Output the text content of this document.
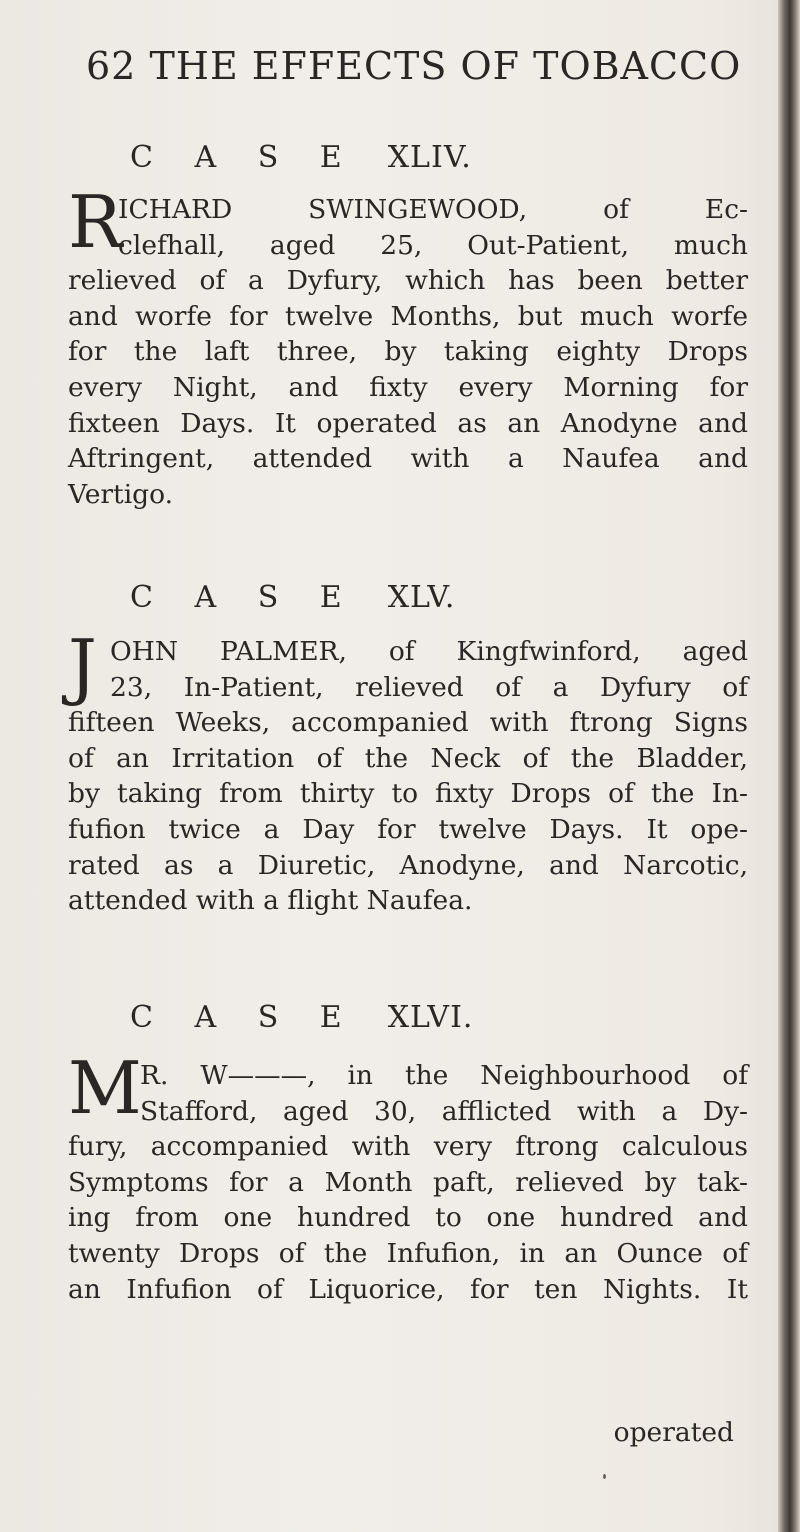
62 THE EFFECTS OF TOBACCO
C A S E XLIV.
R
ICHARD SWINGEWOOD, of Ec-
clefhall, aged 25, Out-Patient, much
relieved of a Dyfury, which has been better
and worfe for twelve Months, but much worfe
for the laft three, by taking eighty Drops
every Night, and fixty every Morning for
fixteen Days. It operated as an Anodyne and
Aftringent, attended with a Naufea and
Vertigo.
C A S E XLV.
J OHN PALMER, of Kingfwinford, aged
23, In-Patient, relieved of a Dyfury of
fifteen Weeks, accompanied with ftrong Signs
of an Irritation of the Neck of the Bladder,
by taking from thirty to fixty Drops of the In-
fufion twice a Day for twelve Days. It ope-
rated as a Diuretic, Anodyne, and Narcotic,
attended with a flight Naufea.
C A S E XLVI.
M
R. W———, in the Neighbourhood of
Stafford, aged 30, afflicted with a Dy-
fury, accompanied with very ftrong calculous
Symptoms for a Month paft, relieved by tak-
ing from one hundred to one hundred and
twenty Drops of the Infufion, in an Ounce of
an Infufion of Liquorice, for ten Nights. It
operated
